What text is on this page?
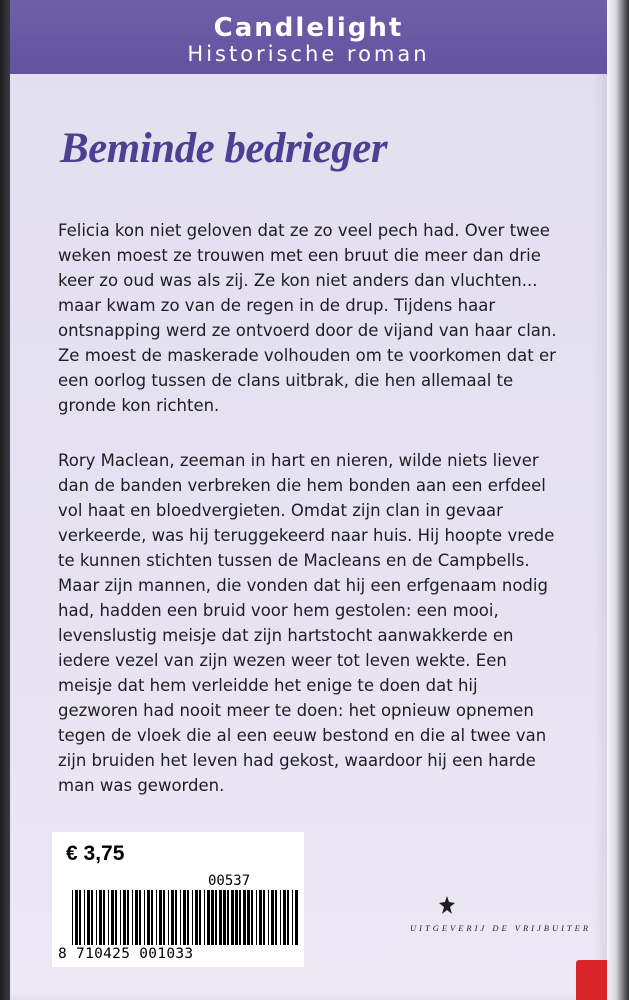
Candlelight
Historische roman
Beminde bedrieger

Felicia kon niet geloven dat ze zo veel pech had. Over twee weken moest ze trouwen met een bruut die meer dan drie keer zo oud was als zij. Ze kon niet anders dan vluchten... maar kwam zo van de regen in de drup. Tijdens haar ontsnapping werd ze ontvoerd door de vijand van haar clan. Ze moest de maskerade volhouden om te voorkomen dat er een oorlog tussen de clans uitbrak, die hen allemaal te gronde kon richten.

Rory Maclean, zeeman in hart en nieren, wilde niets liever dan de banden verbreken die hem bonden aan een erfdeel vol haat en bloedvergieten. Omdat zijn clan in gevaar verkeerde, was hij teruggekeerd naar huis. Hij hoopte vrede te kunnen stichten tussen de Macleans en de Campbells. Maar zijn mannen, die vonden dat hij een erfgenaam nodig had, hadden een bruid voor hem gestolen: een mooi, levenslustig meisje dat zijn hartstocht aanwakkerde en iedere vezel van zijn wezen weer tot leven wekte. Een meisje dat hem verleidde het enige te doen dat hij gezworen had nooit meer te doen: het opnieuw opnemen tegen de vloek die al een eeuw bestond en die al twee van zijn bruiden het leven had gekost, waardoor hij een harde man was geworden.

€ 3,75
00537
8 710425 001033
UITGEVERIJ DE VRIJBUITER
